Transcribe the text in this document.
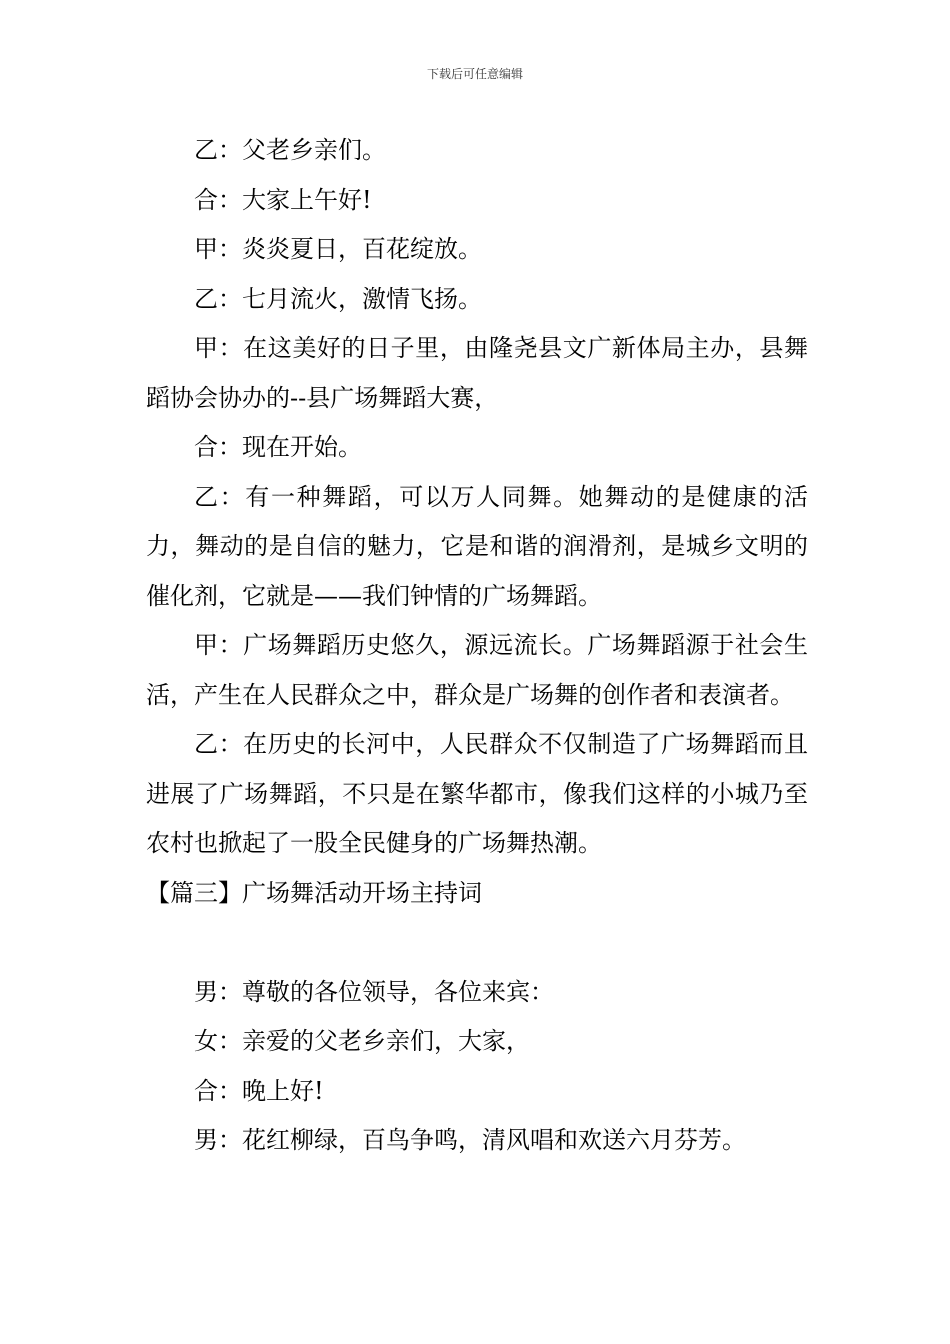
下载后可任意编辑

乙：父老乡亲们。

合：大家上午好!

甲：炎炎夏日，百花绽放。

乙：七月流火，激情飞扬。

甲：在这美好的日子里，由隆尧县文广新体局主办，县舞蹈协会协办的--县广场舞蹈大赛，

合：现在开始。

乙：有一种舞蹈，可以万人同舞。她舞动的是健康的活力，舞动的是自信的魅力，它是和谐的润滑剂，是城乡文明的催化剂，它就是——我们钟情的广场舞蹈。

甲：广场舞蹈历史悠久，源远流长。广场舞蹈源于社会生活，产生在人民群众之中，群众是广场舞的创作者和表演者。

乙：在历史的长河中，人民群众不仅制造了广场舞蹈而且进展了广场舞蹈，不只是在繁华都市，像我们这样的小城乃至农村也掀起了一股全民健身的广场舞热潮。

【篇三】广场舞活动开场主持词

男：尊敬的各位领导，各位来宾：

女：亲爱的父老乡亲们，大家，

合：晚上好!

男：花红柳绿，百鸟争鸣，清风唱和欢送六月芬芳。
